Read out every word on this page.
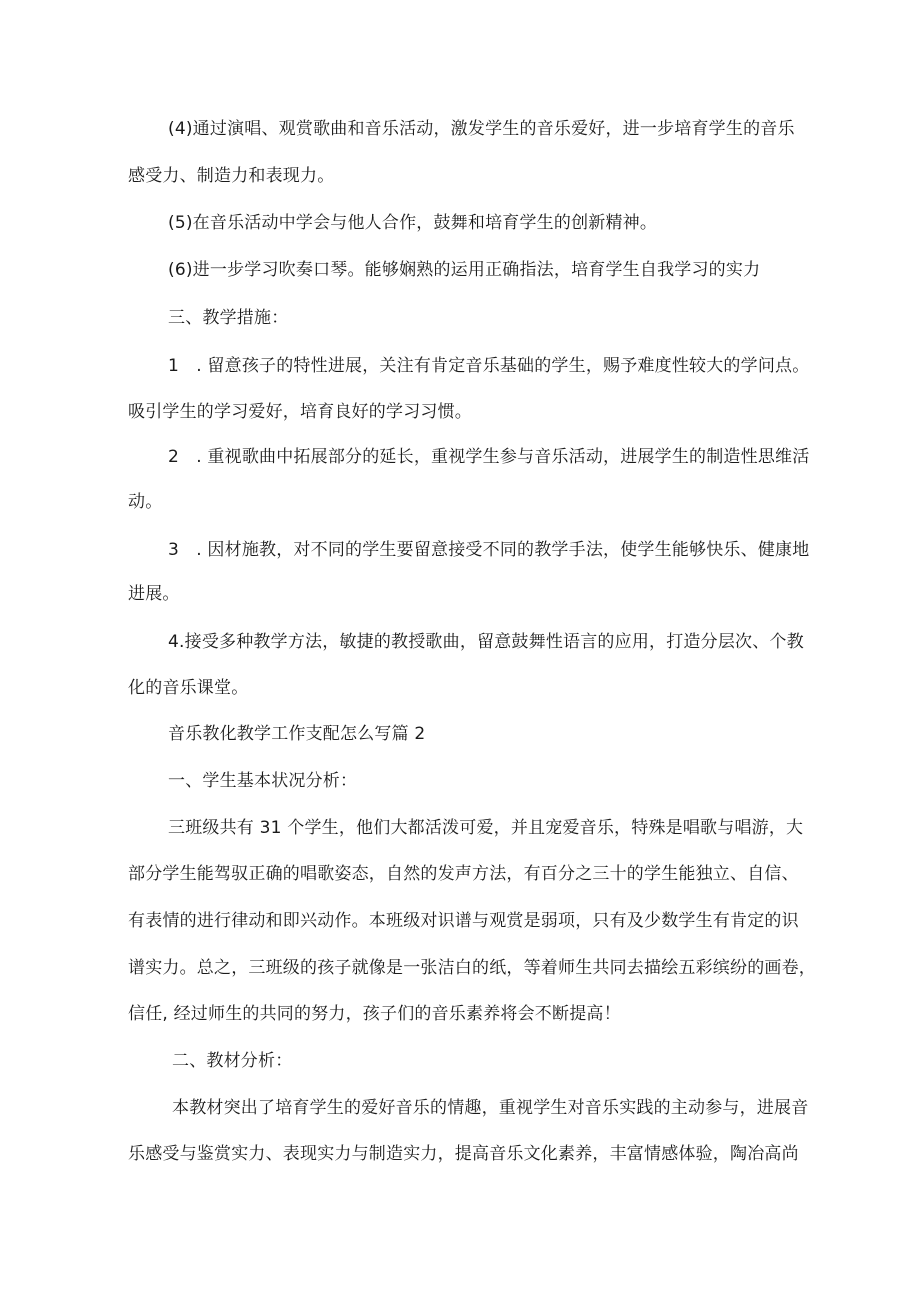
(4)通过演唱、观赏歌曲和音乐活动，激发学生的音乐爱好，进一步培育学生的音乐
感受力、制造力和表现力。
(5)在音乐活动中学会与他人合作，鼓舞和培育学生的创新精神。
(6)进一步学习吹奏口琴。能够娴熟的运用正确指法，培育学生自我学习的实力
三、教学措施：
1　. 留意孩子的特性进展，关注有肯定音乐基础的学生，赐予难度性较大的学问点。
吸引学生的学习爱好，培育良好的学习习惯。
2　. 重视歌曲中拓展部分的延长，重视学生参与音乐活动，进展学生的制造性思维活
动。
3　. 因材施教，对不同的学生要留意接受不同的教学手法，使学生能够快乐、健康地
进展。
4.接受多种教学方法，敏捷的教授歌曲，留意鼓舞性语言的应用，打造分层次、个教
化的音乐课堂。
音乐教化教学工作支配怎么写篇 2
一、学生基本状况分析：
三班级共有 31 个学生，他们大都活泼可爱，并且宠爱音乐，特殊是唱歌与唱游，大
部分学生能驾驭正确的唱歌姿态，自然的发声方法，有百分之三十的学生能独立、自信、
有表情的进行律动和即兴动作。本班级对识谱与观赏是弱项，只有及少数学生有肯定的识
谱实力。总之，三班级的孩子就像是一张洁白的纸，等着师生共同去描绘五彩缤纷的画卷，
信任, 经过师生的共同的努力，孩子们的音乐素养将会不断提高！
二、教材分析：
本教材突出了培育学生的爱好音乐的情趣，重视学生对音乐实践的主动参与，进展音
乐感受与鉴赏实力、表现实力与制造实力，提高音乐文化素养，丰富情感体验，陶冶高尚
